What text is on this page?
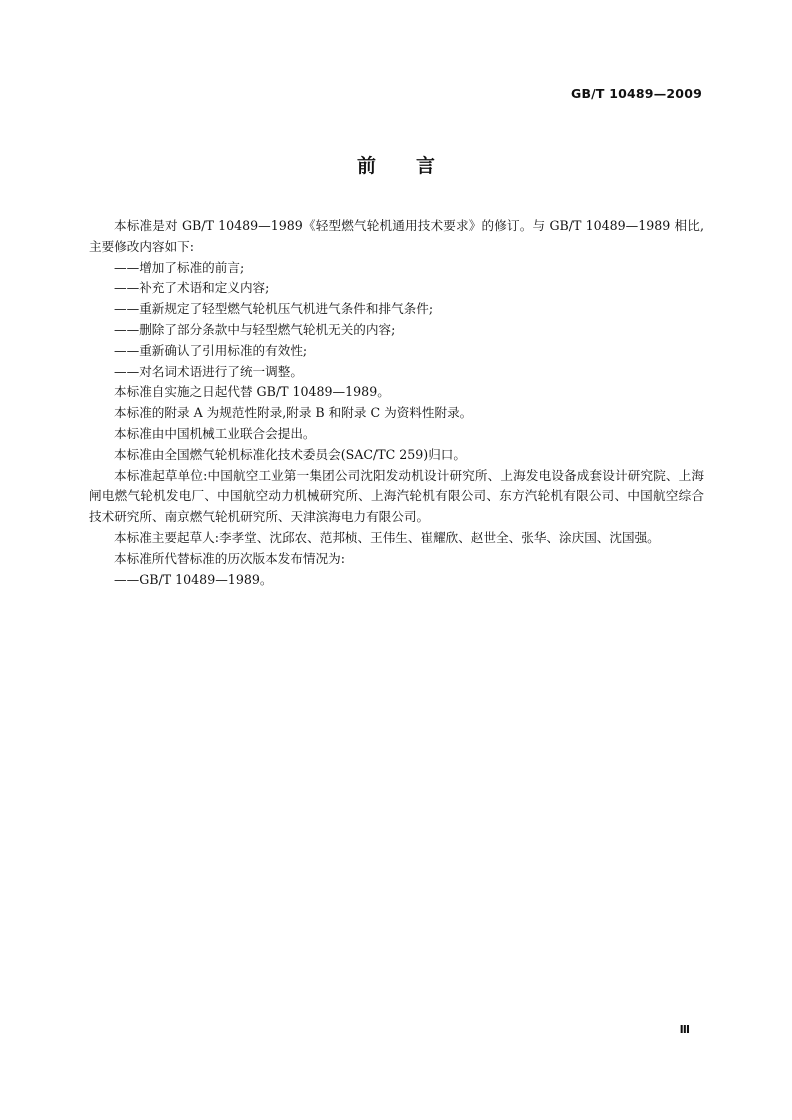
GB/T 10489—2009
前 言

本标准是对 GB/T 10489—1989《轻型燃气轮机通用技术要求》的修订。与 GB/T 10489—1989 相比,主要修改内容如下:

——增加了标准的前言;

——补充了术语和定义内容;

——重新规定了轻型燃气轮机压气机进气条件和排气条件;

——删除了部分条款中与轻型燃气轮机无关的内容;

——重新确认了引用标准的有效性;

——对名词术语进行了统一调整。

本标准自实施之日起代替 GB/T 10489—1989。

本标准的附录 A 为规范性附录,附录 B 和附录 C 为资料性附录。

本标准由中国机械工业联合会提出。

本标准由全国燃气轮机标准化技术委员会(SAC/TC 259)归口。

本标准起草单位:中国航空工业第一集团公司沈阳发动机设计研究所、上海发电设备成套设计研究院、上海闸电燃气轮机发电厂、中国航空动力机械研究所、上海汽轮机有限公司、东方汽轮机有限公司、中国航空综合技术研究所、南京燃气轮机研究所、天津滨海电力有限公司。

本标准主要起草人:李孝堂、沈邱农、范邦桢、王伟生、崔耀欣、赵世全、张华、涂庆国、沈国强。

本标准所代替标准的历次版本发布情况为:

——GB/T 10489—1989。

Ⅲ
